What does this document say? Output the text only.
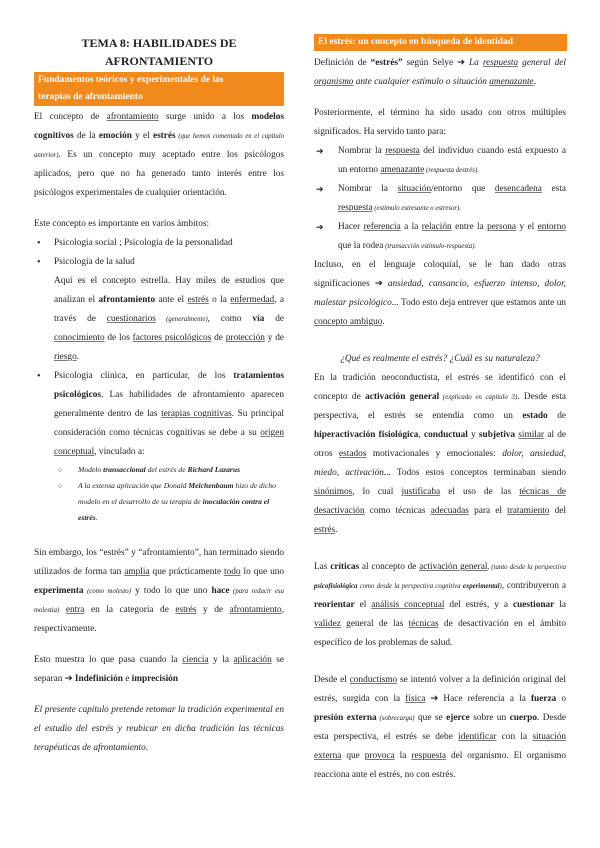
TEMA 8: HABILIDADES DE AFRONTAMIENTO
Fundamentos teóricos y experimentales de las
terapias de afrontamiento

El concepto de afrontamiento surge unido a los modelos cognitivos de la emoción y el estrés (que hemos comentado en el capítulo anterior). Es un concepto muy aceptado entre los psicólogos aplicados, pero que no ha generado tanto interés entre los psicólogos experimentales de cualquier orientación.

Este concepto es importante en varios ámbitos:

• Psicología social ; Psicología de la personalidad
• Psicología de la salud
Aquí es el concepto estrella. Hay miles de estudios que analizan el afrontamiento ante el estrés o la enfermedad, a través de cuestionarios (generalmente), como vía de conocimiento de los factores psicológicos de protección y de riesgo.
• Psicología clínica, en particular, de los tratamientos psicológicos. Las habilidades de afrontamiento aparecen generalmente dentro de las terapias cognitivas. Su principal consideración como técnicas cognitivas se debe a su origen conceptual, vinculado a:
○ Modelo transaccional del estrés de Richard Lazarus
○ A la extensa aplicación que Donald Meichenbaum hizo de dicho modelo en el desarrollo de su terapia de inoculación contra el estrés.

Sin embargo, los “estrés” y “afrontamiento”, han terminado siendo utilizados de forma tan amplia que prácticamente todo lo que uno experimenta (como molesto) y todo lo que uno hace (para reducir esa molestia) entra en la categoría de estrés y de afrontamiento, respectivamente.

Esto muestra lo que pasa cuando la ciencia y la aplicación se separan ➔ Indefinición e imprecisión

El presente capítulo pretende retomar la tradición experimental en el estudio del estrés y reubicar en dicha tradición las técnicas terapéuticas de afrontamiento.

El estrés: un concepto en búsqueda de identidad

Definición de “estrés” según Selye ➔ La respuesta general del organismo ante cualquier estímulo o situación amenazante.

Posteriormente, el término ha sido usado con otros múltiples significados. Ha servido tanto para:

➔ Nombrar la respuesta del individuo cuando está expuesto a un entorno amenazante (respuesta destrés).
➔ Nombrar la situación/entorno que desencadena esta respuesta (estímulo estresante o estresor).
➔ Hacer referencia a la relación entre la persona y el entorno que la rodea (transacción estímulo-respuesta).

Incluso, en el lenguaje coloquial, se le han dado otras significaciones ➔ ansiedad, cansancio, esfuerzo intenso, dolor, malestar psicológico... Todo esto deja entrever que estamos ante un concepto ambiguo.

¿Qué es realmente el estrés? ¿Cuál es su naturaleza?

En la tradición neoconductista, el estrés se identificó con el concepto de activación general (explicado en capítulo 3). Desde esta perspectiva, el estrés se entendía como un estado de hiperactivación fisiológica, conductual y subjetiva similar al de otros estados motivacionales y emocionales: dolor, ansiedad, miedo, activación... Todos estos conceptos terminaban siendo sinónimos, lo cual justificaba el uso de las técnicas de desactivación como técnicas adecuadas para el tratamiento del estrés.

Las críticas al concepto de activación general, (tanto desde la perspectiva psicofisiológica como desde la perspectiva cognitiva experimental), contribuyeron a reorientar el análisis conceptual del estrés, y a cuestionar la validez general de las técnicas de desactivación en el ámbito específico de los problemas de salud.

Desde el conductismo se intentó volver a la definición original del estrés, surgida con la física ➔ Hace referencia a la fuerza o presión externa (sobrecarga) que se ejerce sobre un cuerpo. Desde esta perspectiva, el estrés se debe identificar con la situación externa que provoca la respuesta del organismo. El organismo reacciona ante el estrés, no con estrés.
